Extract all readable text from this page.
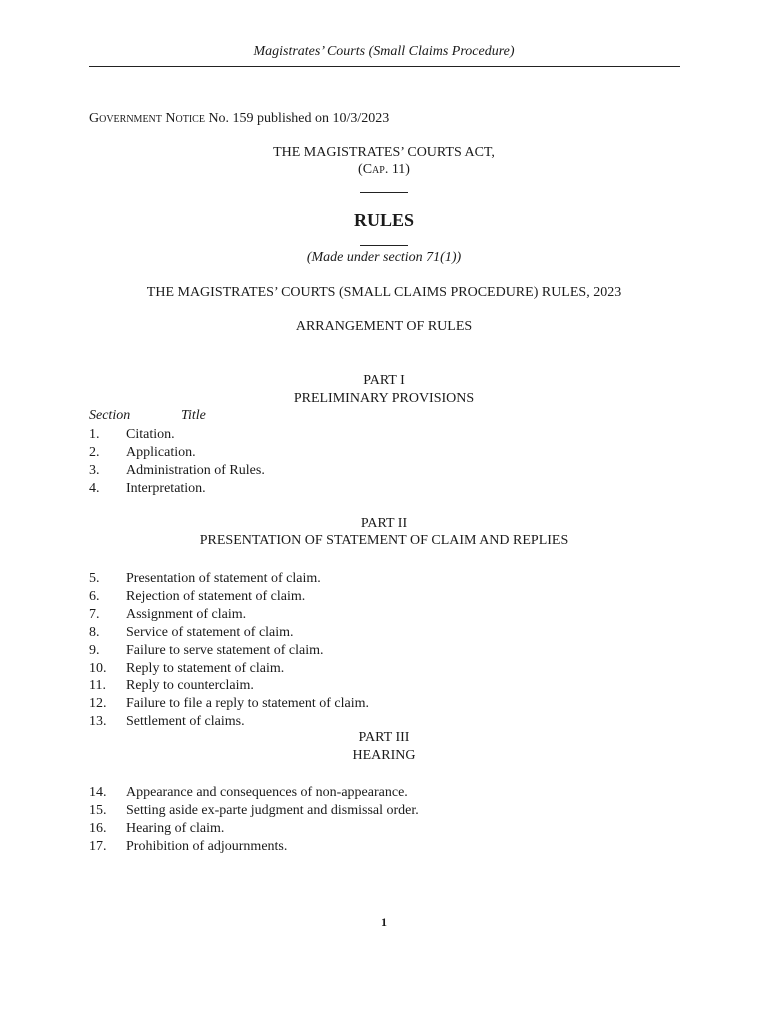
Magistrates’ Courts (Small Claims Procedure)
Government Notice No. 159 published on 10/3/2023
THE MAGISTRATES’ COURTS ACT,
(Cap. 11)
RULES
(Made under section 71(1))
THE MAGISTRATES’ COURTS (SMALL CLAIMS PROCEDURE) RULES, 2023
ARRANGEMENT OF RULES
PART I
PRELIMINARY PROVISIONS
Section	Title
1.	Citation.
2.	Application.
3.	Administration of Rules.
4.	Interpretation.
PART II
PRESENTATION OF STATEMENT OF CLAIM AND REPLIES
5.	Presentation of statement of claim.
6.	Rejection of statement of claim.
7.	Assignment of claim.
8.	Service of statement of claim.
9.	Failure to serve statement of claim.
10.	Reply to statement of claim.
11.	Reply to counterclaim.
12.	Failure to file a reply to statement of claim.
13.	Settlement of claims.
PART III
HEARING
14.	Appearance and consequences of non-appearance.
15.	Setting aside ex-parte judgment and dismissal order.
16.	Hearing of claim.
17.	Prohibition of adjournments.
1
